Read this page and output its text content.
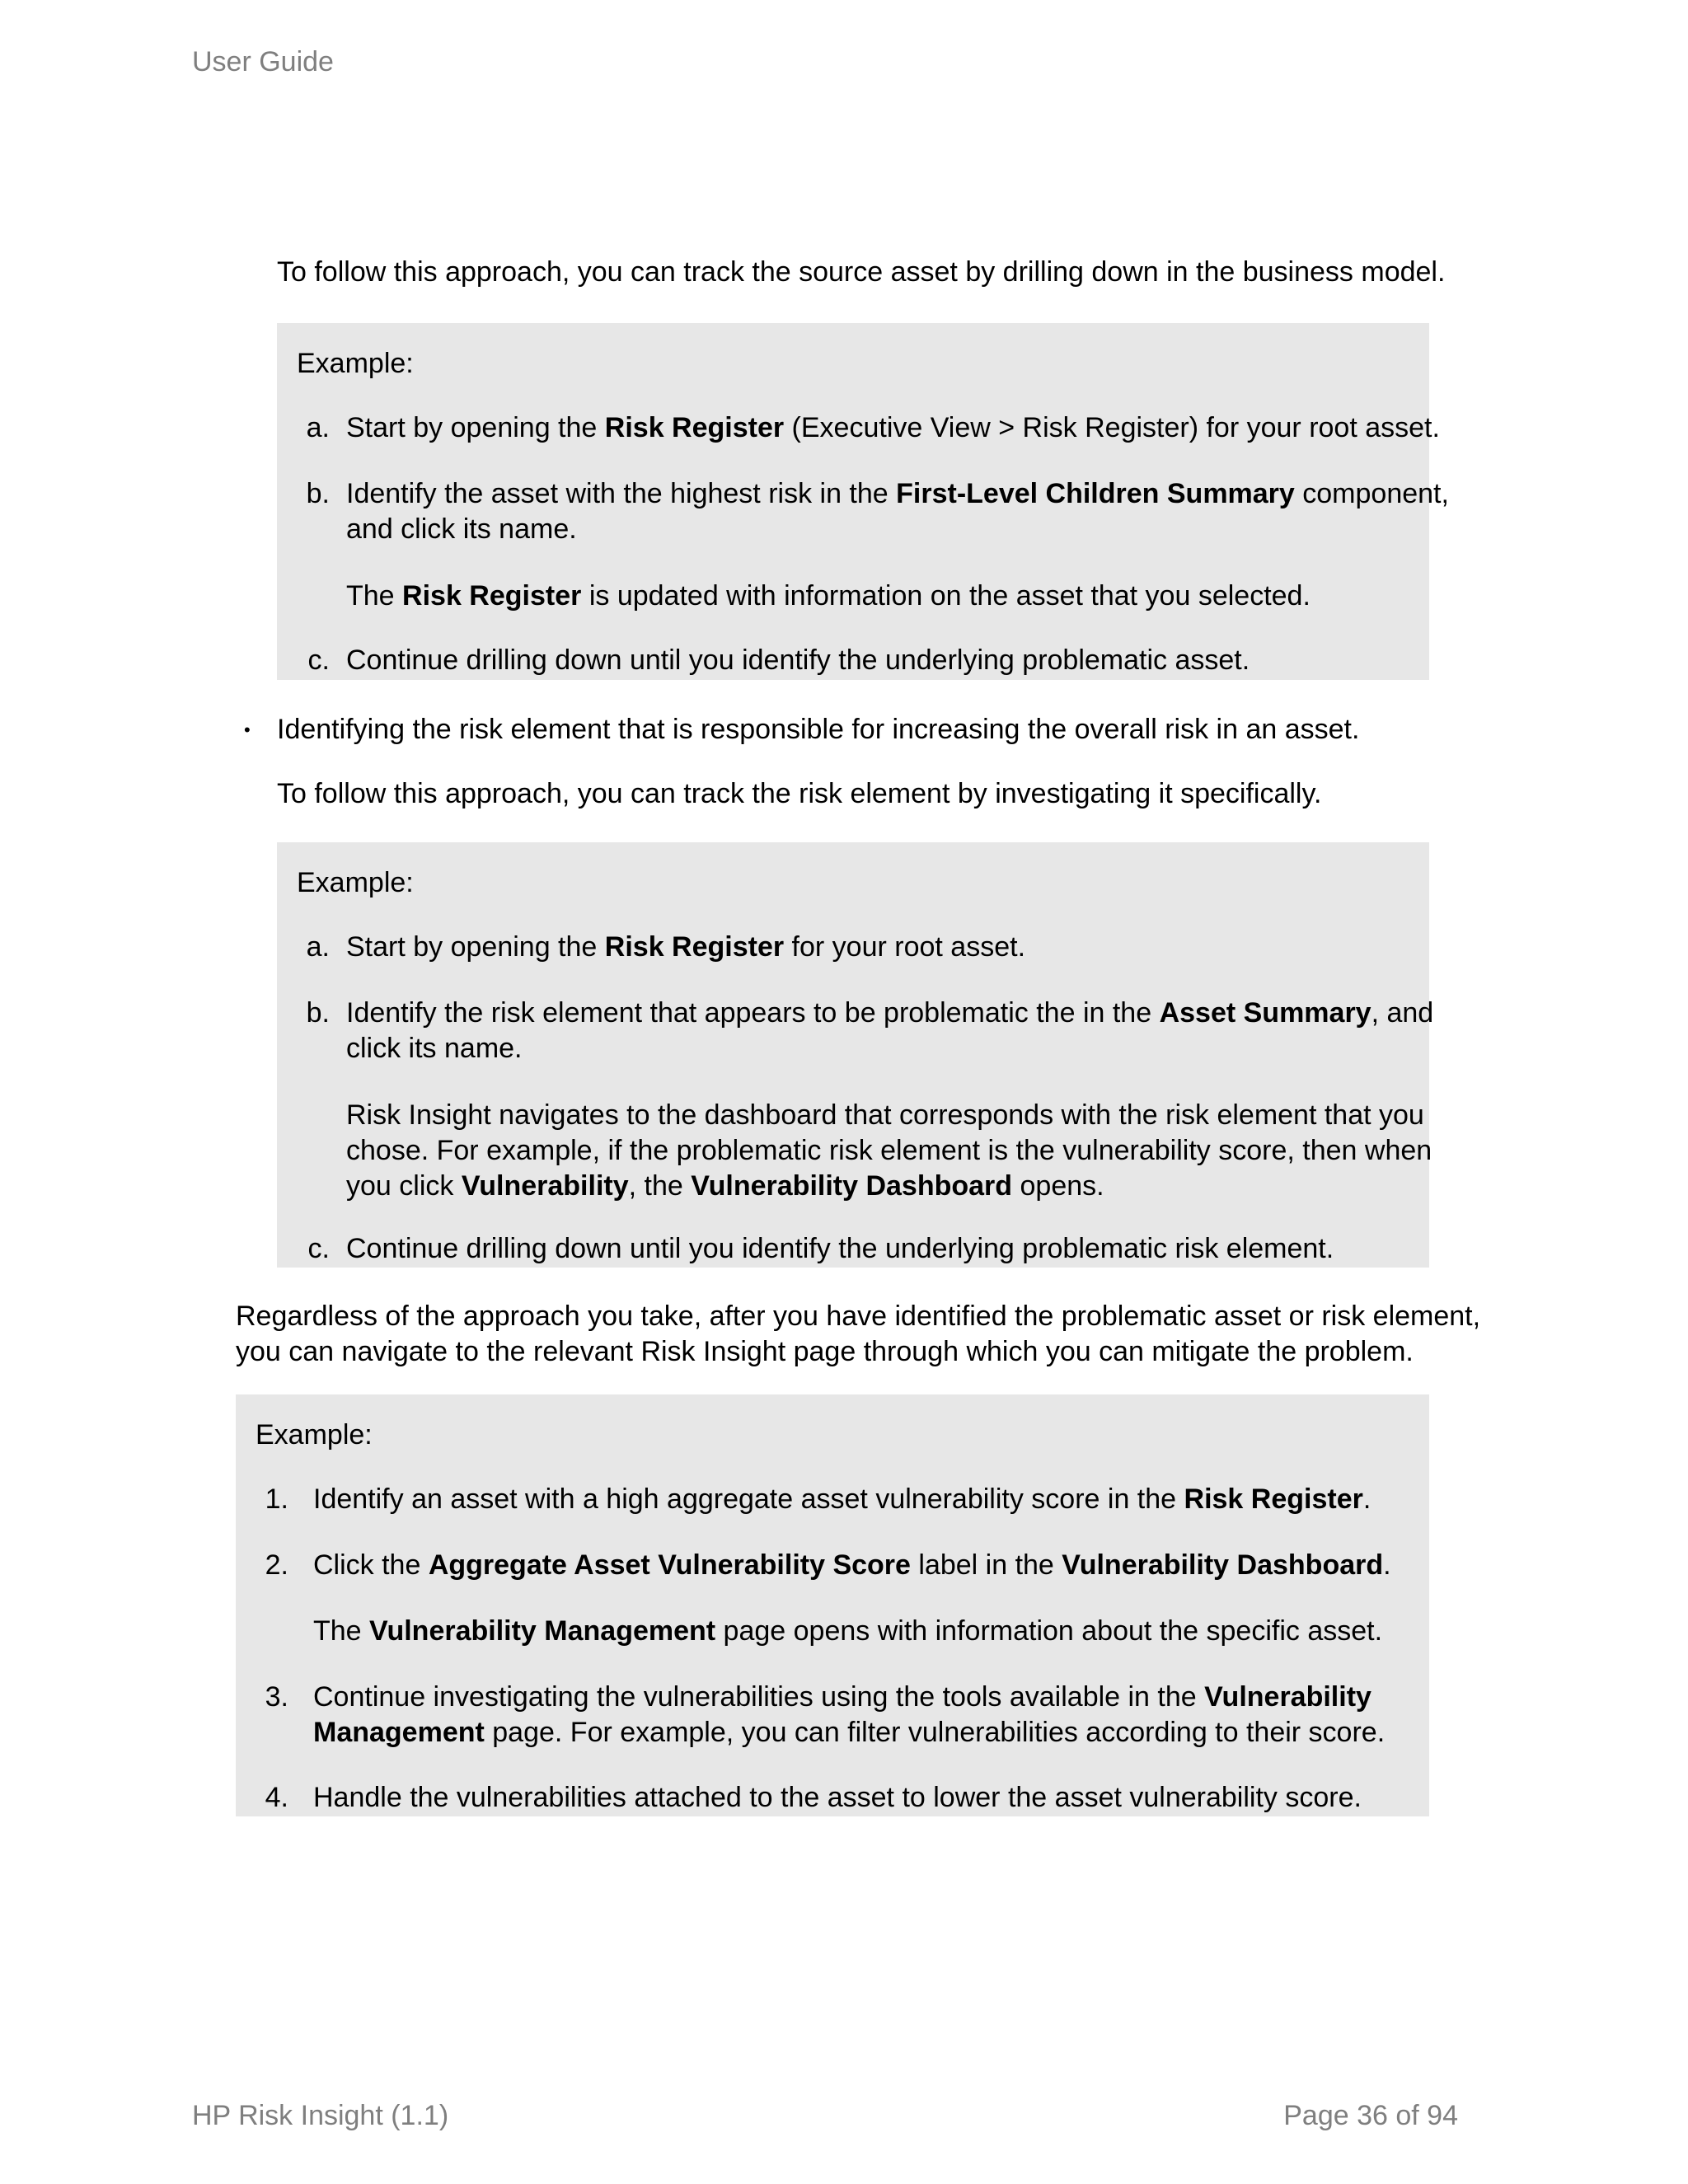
User Guide

To follow this approach, you can track the source asset by drilling down in the business model.

Example:

a. Start by opening the Risk Register (Executive View > Risk Register) for your root asset.
b. Identify the asset with the highest risk in the First-Level Children Summary component,
and click its name.
The Risk Register is updated with information on the asset that you selected.
c. Continue drilling down until you identify the underlying problematic asset.
• Identifying the risk element that is responsible for increasing the overall risk in an asset.

To follow this approach, you can track the risk element by investigating it specifically.

Example:

a. Start by opening the Risk Register for your root asset.
b. Identify the risk element that appears to be problematic the in the Asset Summary, and
click its name.
Risk Insight navigates to the dashboard that corresponds with the risk element that you
chose. For example, if the problematic risk element is the vulnerability score, then when
you click Vulnerability, the Vulnerability Dashboard opens.
c. Continue drilling down until you identify the underlying problematic risk element.

Regardless of the approach you take, after you have identified the problematic asset or risk element,
you can navigate to the relevant Risk Insight page through which you can mitigate the problem.

Example:

1. Identify an asset with a high aggregate asset vulnerability score in the Risk Register.
2. Click the Aggregate Asset Vulnerability Score label in the Vulnerability Dashboard.
The Vulnerability Management page opens with information about the specific asset.
3. Continue investigating the vulnerabilities using the tools available in the Vulnerability
Management page. For example, you can filter vulnerabilities according to their score.
4. Handle the vulnerabilities attached to the asset to lower the asset vulnerability score.
HP Risk Insight (1.1)	Page 36 of 94
